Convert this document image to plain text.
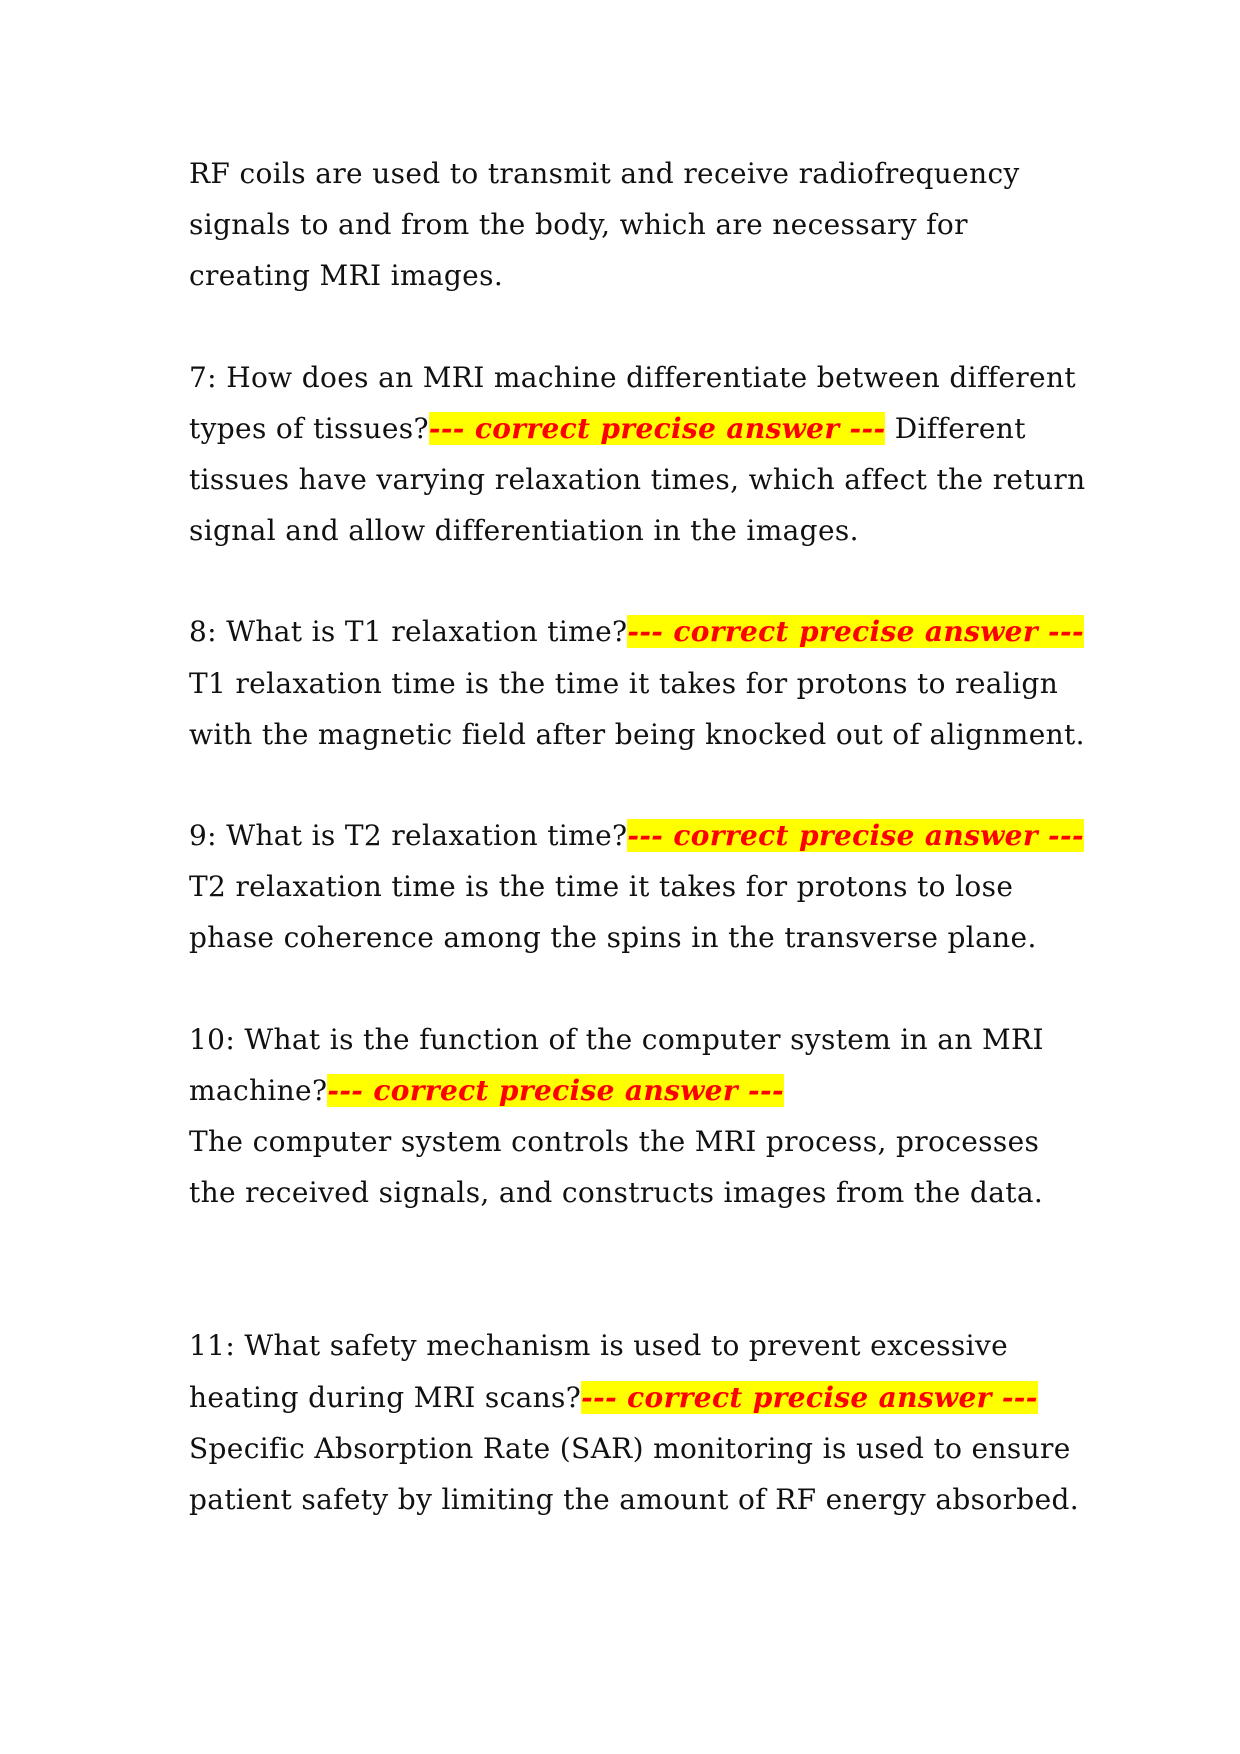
RF coils are used to transmit and receive radiofrequency signals to and from the body, which are necessary for creating MRI images.

7: How does an MRI machine differentiate between different types of tissues?--- correct precise answer --- Different tissues have varying relaxation times, which affect the return signal and allow differentiation in the images.

8: What is T1 relaxation time?--- correct precise answer ---
T1 relaxation time is the time it takes for protons to realign with the magnetic field after being knocked out of alignment.

9: What is T2 relaxation time?--- correct precise answer ---
T2 relaxation time is the time it takes for protons to lose phase coherence among the spins in the transverse plane.

10: What is the function of the computer system in an MRI machine?--- correct precise answer ---
The computer system controls the MRI process, processes the received signals, and constructs images from the data.

11: What safety mechanism is used to prevent excessive heating during MRI scans?--- correct precise answer ---
Specific Absorption Rate (SAR) monitoring is used to ensure patient safety by limiting the amount of RF energy absorbed.
